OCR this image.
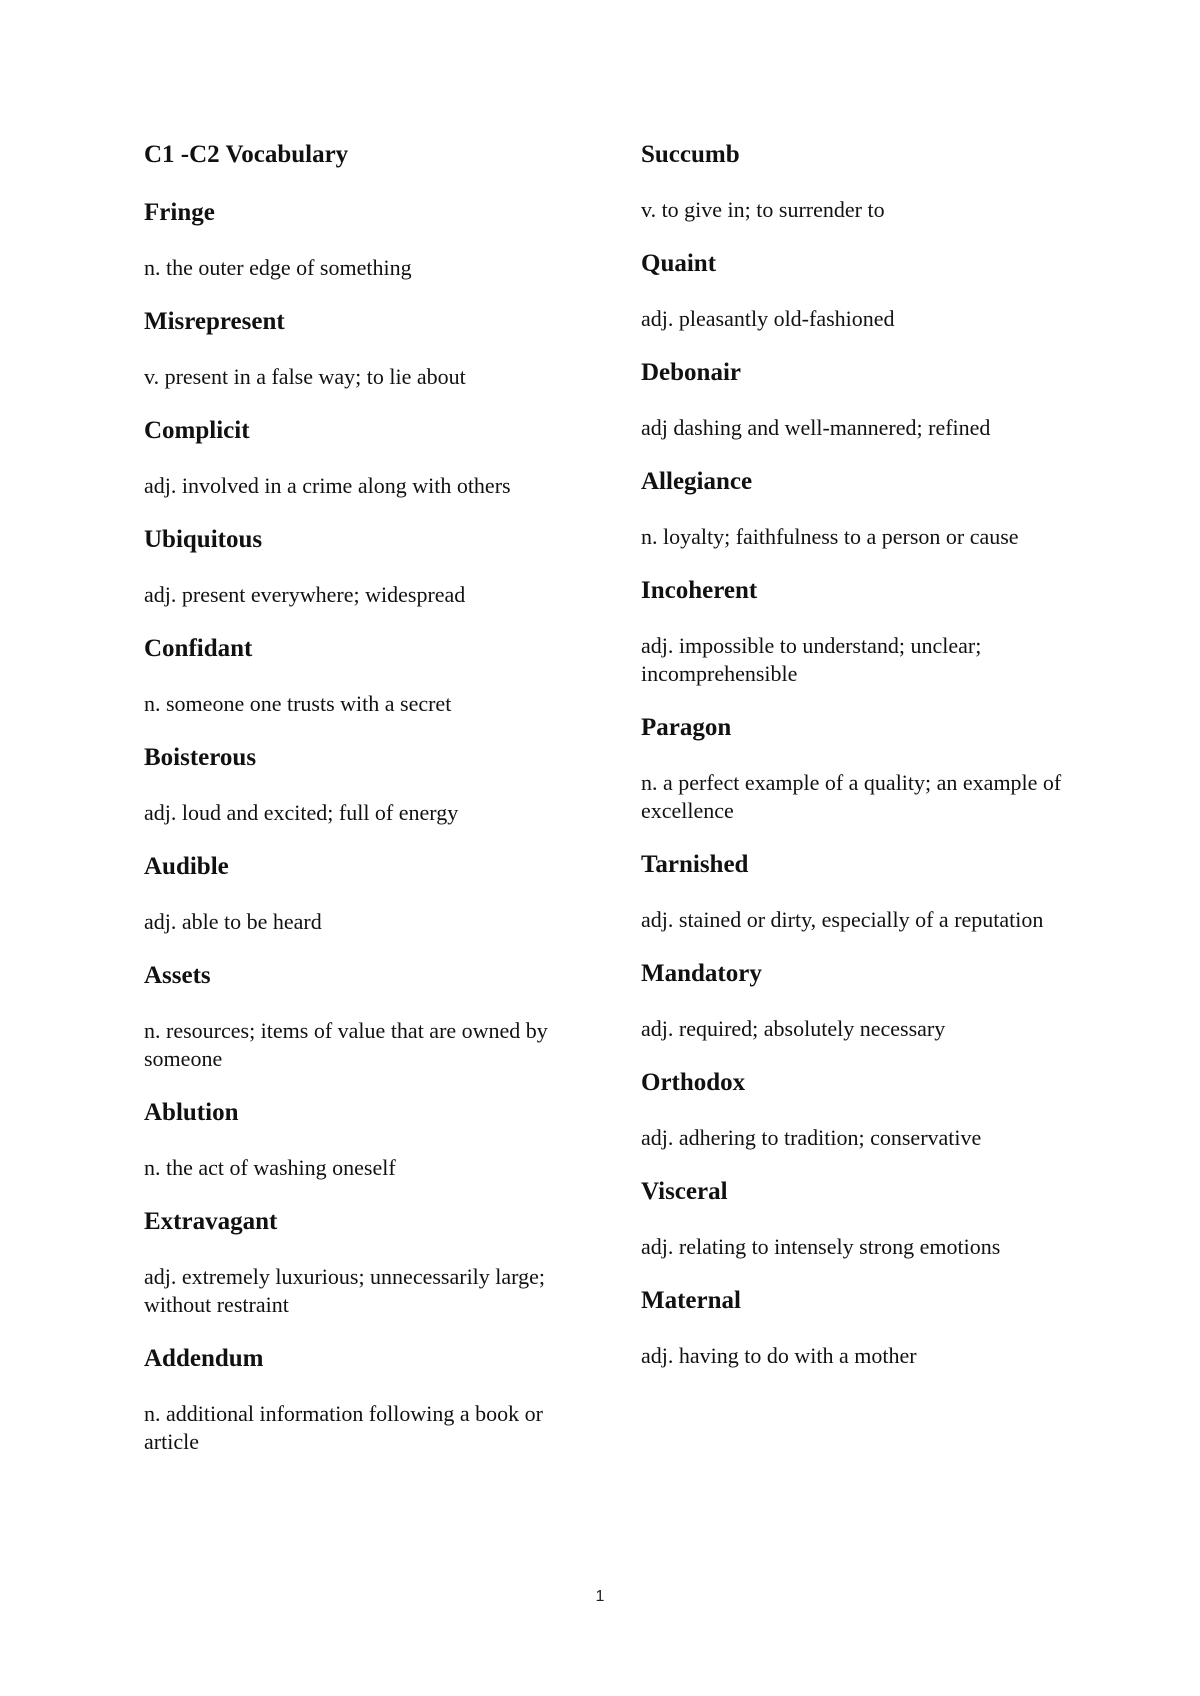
C1 -C2 Vocabulary
Fringe
n. the outer edge of something
Misrepresent
v. present in a false way; to lie about
Complicit
adj. involved in a crime along with others
Ubiquitous
adj. present everywhere; widespread
Confidant
n. someone one trusts with a secret
Boisterous
adj. loud and excited; full of energy
Audible
adj. able to be heard
Assets
n. resources; items of value that are owned by someone
Ablution
n. the act of washing oneself
Extravagant
adj. extremely luxurious; unnecessarily large; without restraint
Addendum
n. additional information following a book or article
Succumb
v. to give in; to surrender to
Quaint
adj. pleasantly old-fashioned
Debonair
adj dashing and well-mannered; refined
Allegiance
n. loyalty; faithfulness to a person or cause
Incoherent
adj. impossible to understand; unclear; incomprehensible
Paragon
n. a perfect example of a quality; an example of excellence
Tarnished
adj. stained or dirty, especially of a reputation
Mandatory
adj. required; absolutely necessary
Orthodox
adj. adhering to tradition; conservative
Visceral
adj. relating to intensely strong emotions
Maternal
adj. having to do with a mother
1
